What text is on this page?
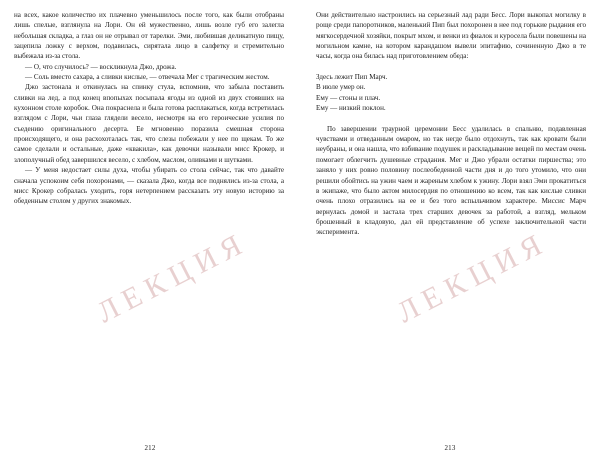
ЛЕКЦИЯ	ЛЕКЦИЯ

на всех, какое количество их плачевно уменьшилось после того, как были отобраны лишь спелые, взглянула на Лори. Он ей мужественно, лишь возле губ его залегла небольшая складка, а глаз он не отрывал от тарелки. Эми, любившая деликатную пищу, зацепила ложку с верхом, подавилась, сирятала лицо в салфетку и стремительно выбежала из-за стола.

— О, что случилось? — воскликнула Джо, дрожа.

— Соль вместо сахара, а сливки кислые, — отвечала Мег с трагическим жестом.

Джо застонала и откинулась на спинку стула, вспомнив, что забыла поставить сливки на лед, а под конец впопыхах посыпала ягоды из одной из двух стоявших на кухонном столе коробок. Она покраснела и была готова расплакаться, когда встретилась взглядом с Лори, чьи глаза глядели весело, несмотря на его героические усилия по съедению оригинального десерта. Ее мгновенно поразила смешная сторона происходящего, и она расхохоталась так, что слезы побежали у нее по щекам. То же самое сделали и остальные, даже «квакила», как девочки называли мисс Крокер, и злополучный обед завершился весело, с хлебом, маслом, оливками и шутками.

— У меня недостает силы духа, чтобы убирать со стола сейчас, так что давайте сначала успокоим себя похоронами, — сказала Джо, когда все поднялись из-за стола, а мисс Крокер собралась уходить, горя нетерпением рассказать эту новую историю за обеденным столом у других знакомых.

Они действительно настроились на серьезный лад ради Бесс. Лори выкопал могилку в роще среди папоротников, маленький Пип был похоронен в нее под горькие рыдания его мягкосердечной хозяйки, покрыт мхом, и венки из фиалок и куросела были повешены на могильном камне, на котором карандашом вывели эпитафию, сочиненную Джо в те часы, когда она билась над приготовлением обеда:

Здесь лежит Пип Марч.

В июле умер он.

Ему — стоны и плач.

Ему — низкий поклон.

По завершении траурной церемонии Бесс удалилась в спальню, подавленная чувствами и отведанным омаром, но так негде было отдохнуть, так как кровати были неубраны, и она нашла, что взбивание подушек и раскладывание вещей по местам очень помогает облегчить душевные страдания. Мег и Джо убрали остатки пиршества; это заняло у них ровно половину послеобеденной части дня и до того утомило, что они решили обойтись на ужин чаем и жареным хлебом к ужину. Лори взял Эми прокатиться в экипаже, что было актом милосердия по отношению ко всем, так как кислые сливки очень плохо отразились на ее и без того вспыльчивом характере. Миссис Марч вернулась домой и застала трех старших девочек за работой, а взгляд, мельком брошенный в кладовую, дал ей представление об успехе заключительной части эксперимента.

212	213
